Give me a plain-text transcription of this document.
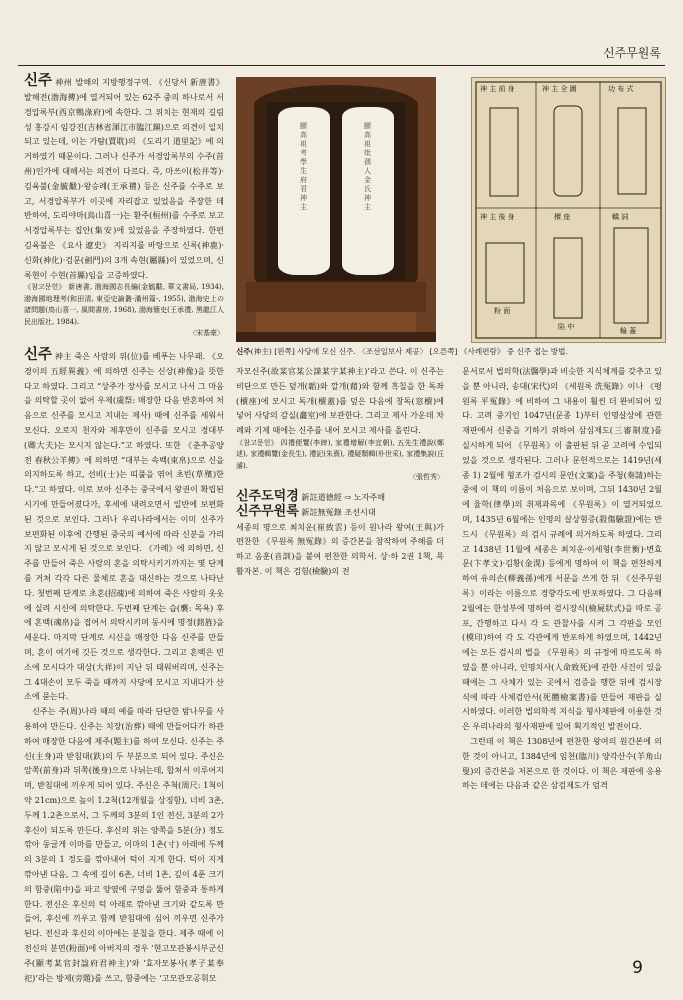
신주무원록

신주 神州 발해의 지방행정구역. 《신당서 新唐書》 발해전(渤海傳)에 열거되어 있는 62주 중의 하나로서 서경압록부(西京鴨淥府)에 속한다. 그 위치는 현재의 길림성 홍강시 임강진(吉林省渾江市臨江鎭)으로 의견이 일치되고 있는데, 이는 가탐(賈耽)의 《도리기 道里記》에 의거하였기 때문이다. 그러나 신주가 서경압록부의 수주(首州)인가에 대해서는 의견이 다르다. 즉, 마쓰이(松井等)·김육불(金毓黻)·왕승례(王承禮) 등은 신주를 수주로 보고, 서경압록부가 이곳에 자리잡고 있었음을 주장한 데 반하여, 도리야마(鳥山喜一)는 환주(桓州)를 수주로 보고 서경압록부는 집안(集安)에 있었음을 주장하였다. 한편 김육불은 《요사 遼史》 지리지를 바탕으로 신록(神鹿)·신화(神化)·검문(劍門)의 3개 속현(屬縣)이 있었으며, 신록현이 수현(首縣)임을 고증하였다.

《참고문헌》 新唐書, 渤海國志長編(金毓黻, 華文書局, 1934), 渤海國地理考(和田清, 東亞史論叢-滿州篇-, 1955), 渤海史上の諸問題(鳥山喜一, 風間書房, 1968), 渤海簡史(王承禮, 黑龍江人民出版社, 1984).

〈宋基豪〉

신주 神主 죽은 사람의 위(位)를 베푸는 나무패. 《오경이의 五經異義》에 의하면 신주는 신상(神像)을 뜻한다고 하였다. 그리고 “상주가 장사를 모시고 나서 그 마음을 의탁할 곳이 없어 우제(虞祭: 매장한 다음 반혼하여 처음으로 신주를 모시고 지내는 제사) 때에 신주를 세워서 모신다. 오로지 천자와 제후만이 신주를 모시고 경대부(卿大夫)는 모시지 않는다.”고 하였다. 또한 《춘추공양전 春秋公羊傳》에 의하면 “대부는 속백(束帛)으로 신을 의지하도록 하고, 선비(士)는 띠풀을 엮어 초빈(草殯)한다.”고 하였다. 이로 보아 신주는 중국에서 왕권이 확립된 시기에 만들어졌다가, 후세에 내려오면서 일반에 보편화된 것으로 보인다. 그러나 우리나라에서는 이미 신주가 보편화된 이후에 간행된 중국의 예서에 따라 신분을 가리지 않고 모시게 된 것으로 보인다. 《가례》에 의하면, 신주를 만들어 죽은 사람의 혼을 의탁시키기까지는 몇 단계를 거쳐 각각 다른 물체로 혼을 대신하는 것으로 나타난다. 첫번째 단계로 초혼(招魂)에 의하여 죽은 사람의 옷옷에 실려 시신에 의탁한다. 두번째 단계는 습(襲: 목욕) 후에 혼백(魂帛)을 접어서 의탁시키며 동시에 명정(銘旌)을 세운다. 마지막 단계로 시신을 매장한 다음 신주를 만들며, 혼이 여기에 깃든 것으로 생각한다. 그리고 혼백은 빈소에 모시다가 대상(大祥)이 지난 뒤 태워버리며, 신주는 그 4대손이 모두 죽을 때까지 사당에 모시고 지내다가 산소에 묻는다.

신주는 주(周)나라 때의 예를 따라 단단한 밤나무를 사용하여 만든다. 신주는 치장(治葬) 때에 만들어다가 하관하여 매장한 다음에 제주(題主)를 하여 모신다. 신주는 주신(主身)과 받침대(趺)의 두 부분으로 되어 있다. 주신은 앞쪽(前身)과 뒤쪽(後身)으로 나뉘는데, 합쳐서 이루어지며, 받침대에 끼우게 되어 있다. 주신은 주척(周尺: 1척이 약 21cm)으로 높이 1.2척(12개월을 상징함), 너비 3촌, 두께 1.2촌으로서, 그 두께의 3분의 1인 전신, 3분의 2가 후신이 되도록 만든다. 후신의 위는 양쪽을 5분(分) 정도 깎아 둥글게 이마를 만들고, 이마의 1촌(寸) 아래에 두께의 3분의 1 정도를 깎아내어 턱이 지게 한다. 턱이 지게 깎아낸 다음, 그 속에 길이 6촌, 너비 1촌, 깊이 4푼 크기의 함중(陷中)을 파고 양옆에 구멍을 뚫어 함중과 통하게 한다. 전신은 후신의 턱 아래로 깎아낸 크기와 같도록 만들어, 후신에 끼우고 함께 받침대에 심어 끼우면 신주가 된다. 전신과 후신의 이마에는 분칠을 한다. 제주 때에 이 전신의 분면(粉面)에 아버지의 경우 ‘현고모관봉시부군신주(顯考某官封諡府君神主)’와 ‘효자모봉사(孝子某奉祀)’라는 방제(旁題)를 쓰고, 함중에는 ‘고모관모공휘모

顯高祖考學生府君神主
顯高祖妣孺人金氏神主
功 布 式
神 主 全 圖
神 主 前 身
神 主 後 身	櫝 座
粉 面
陷 中	輪 蓋
轎 詞
신주(神主) [왼쪽] 사당에 모신 신주. 〈조선일보사 제공〉 [오른쪽] 《사례편람》 중 신주 접는 방법.

자모신주(故某官某公諱某字某神主)’라고 쓴다. 이 신주는 비단으로 만든 덮개(韜)와 깔개(藉)와 함께 흑칠을 한 독좌(櫝座)에 모시고 독개(櫝蓋)를 덮은 다음에 창독(窓櫝)에 넣어 사당의 감실(龕室)에 보관한다. 그리고 제사 가운데 차례와 기제 때에는 신주를 내어 모시고 제사를 올린다.

《참고문헌》 四禮便覽(李縡), 家禮增解(李宜朝), 五先生禮說(鄭逑), 家禮輯覽(金長生), 禮記(朱熹), 禮疑類輯(朴世采), 家禮集說(丘濬).

〈張哲秀〉

신주도덕경 新註道德經 ⇨ 노자주해

신주무원록 新註無冤錄 조선시대

세종의 명으로 최치운(崔致雲) 등이 원나라 왕여(王與)가 편찬한 《무원록 無冤錄》의 증간본을 참작하여 주해를 더하고 음훈(音訓)을 붙여 편찬한 의학서. 상·하 2권 1책, 목활자본. 이 책은 검험(檢驗)의 전

문서로서 법의학(法醫學)과 비슷한 지식체계를 갖추고 있을 뿐 아니라, 송대(宋代)의 《세원록 洗冤錄》이나 《평원록 平冤錄》에 비하여 그 내용이 훨씬 더 완비되어 있다. 고려 중기인 1047년(문종 1)부터 인명살상에 관한 재판에서 신중을 기하기 위하여 삼심제도(三審制度)를 실시하게 되어 《무원록》이 출판된 뒤 곧 고려에 수입되었을 것으로 생각된다. 그러나 문헌적으로는 1419년(세종 1) 2월에 형조가 검시의 문안(文案)을 주청(奏請)하는 중에 이 책의 이름이 처음으로 보이며, 그뒤 1430년 2월에 율학(律學)의 취재과목에 《무원록》이 열거되었으며, 1435년 6월에는 인명의 살상혐증(殺傷驗證)에는 반드시 《무원록》의 검시 규례에 의거하도록 하였다. 그리고 1438년 11월에 세종은 최치운·이세형(李世衡)·변효문(卞孝文)·김황(金滉) 등에게 명하여 이 책을 편찬하게 하여 유의손(柳義孫)에게 서문을 쓰게 한 뒤 《신주무원록》이라는 이름으로 경향각도에 반포하였다. 그 다음해 2월에는 한성부에 명하여 검시장식(檢屍狀式)을 따로 공포, 간행하고 다시 각 도 관찰사를 시켜 그 각판을 모인(模印)하여 각 도 각관에게 반포하게 하였으며, 1442년에는 모든 검시의 법을 《무원록》의 규정에 따르도록 하였을 뿐 아니라, 인명치사(人命致死)에 관한 사건이 있을 때에는 그 사체가 있는 곳에서 검증을 행한 뒤에 검시장식에 따라 사체검안서(死體檢案書)를 만들어 재판을 실시하였다. 이러한 법의학적 지식을 형사재판에 이용한 것은 우리나라의 형사재판에 있어 획기적인 발전이다.

그런데 이 책은 1308년에 편찬한 왕여의 원간본에 의한 것이 아니고, 1384년에 임천(臨川) 양각산수(羊角山叟)의 증간본을 저본으로 한 것이다. 이 책은 재판에 응용하는 데에는 다음과 같은 삼검제도가 엄격

9
